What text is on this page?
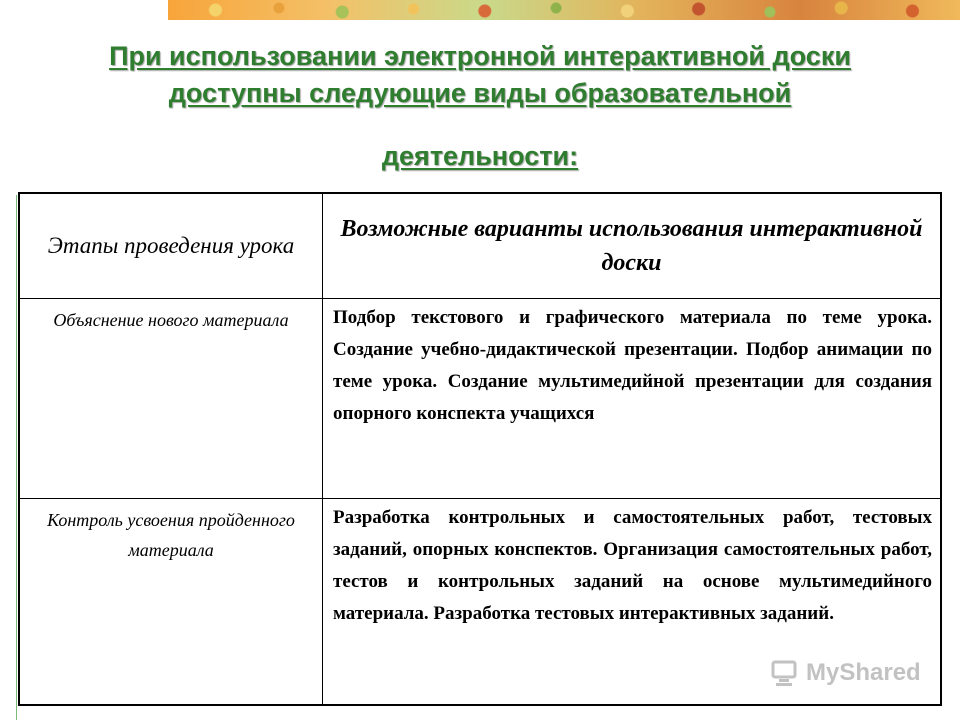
При использовании электронной интерактивной доски
доступны следующие виды образовательной
деятельности:
Этапы проведения урока	Возможные варианты использования интерактивной доски
Объяснение нового материала	Подбор текстового и графического материала по теме урока. Создание учебно-дидактической презентации. Подбор анимации по теме урока. Создание мультимедийной презентации для создания опорного конспекта учащихся
Контроль усвоения пройденного материала	Разработка контрольных и самостоятельных работ, тестовых заданий, опорных конспектов. Организация самостоятельных работ, тестов и контрольных заданий на основе мультимедийного материала. Разработка тестовых интерактивных заданий.
MyShared
